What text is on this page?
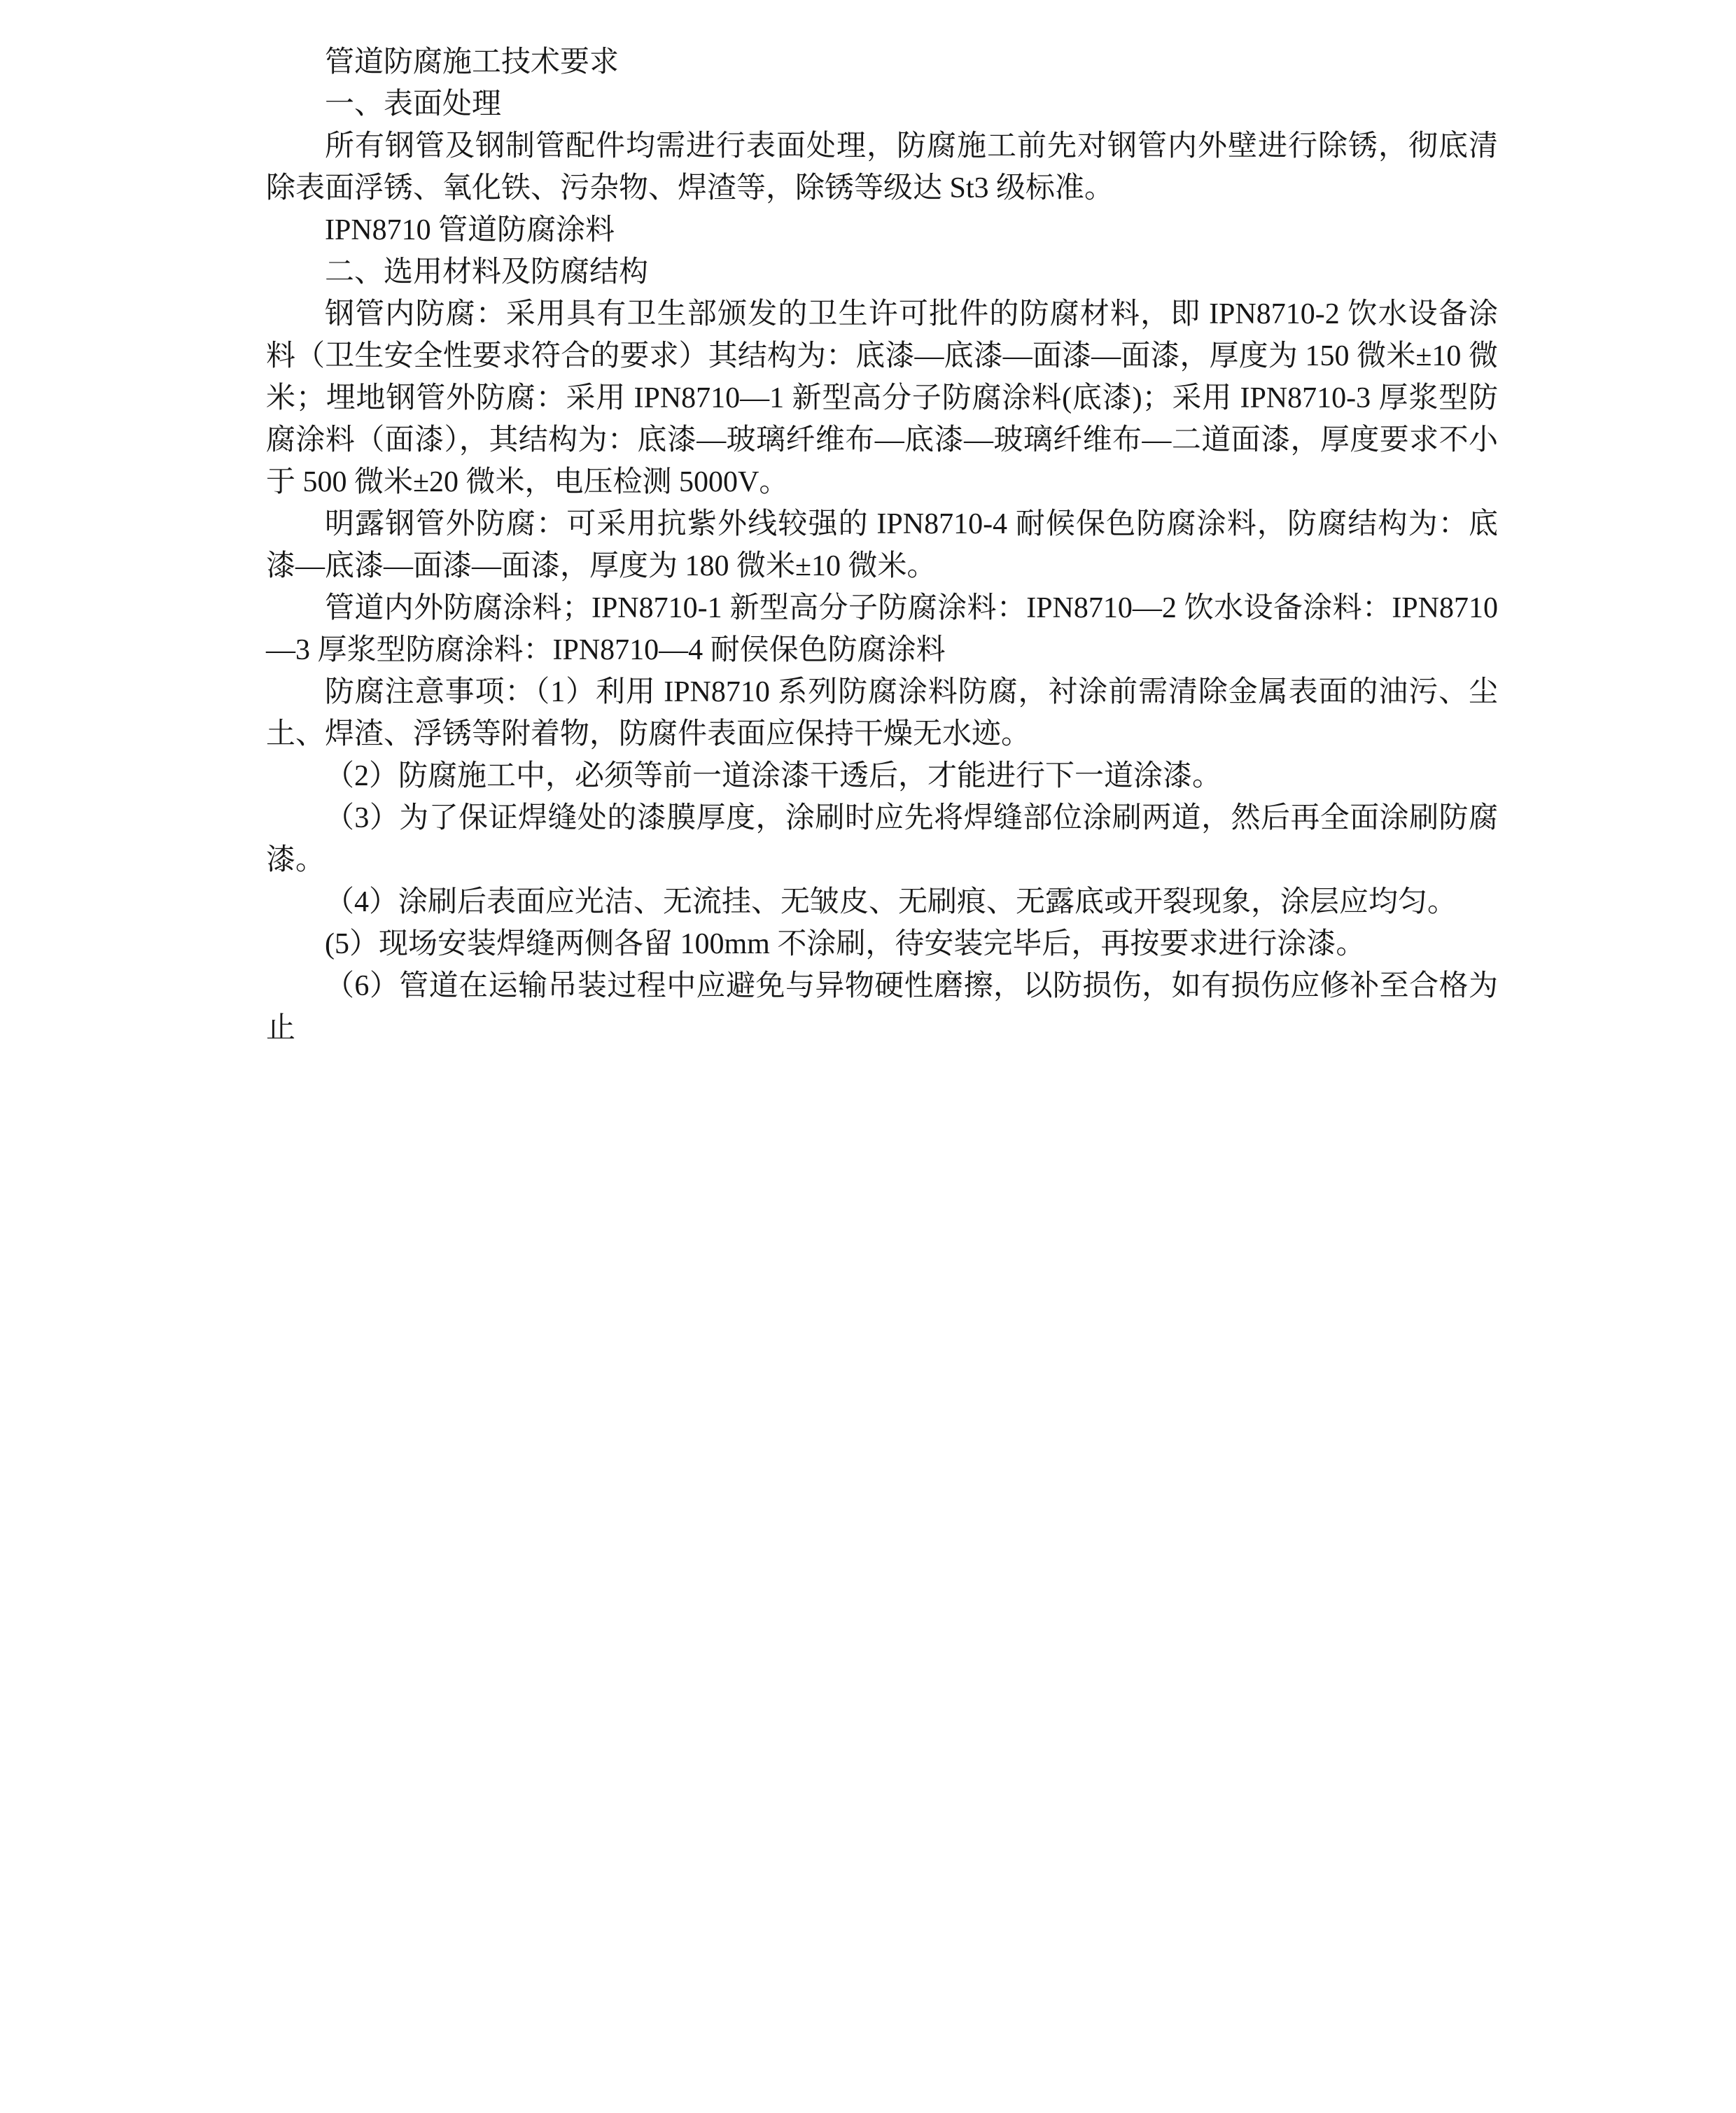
管道防腐施工技术要求

一、表面处理

所有钢管及钢制管配件均需进行表面处理，防腐施工前先对钢管内外壁进行除锈，彻底清除表面浮锈、氧化铁、污杂物、焊渣等，除锈等级达 St3 级标准。

IPN8710 管道防腐涂料

二、选用材料及防腐结构

钢管内防腐：采用具有卫生部颁发的卫生许可批件的防腐材料，即 IPN8710-2 饮水设备涂料（卫生安全性要求符合的要求）其结构为：底漆—底漆—面漆—面漆，厚度为 150 微米±10 微米；埋地钢管外防腐：采用 IPN8710—1 新型高分子防腐涂料(底漆)；采用 IPN8710-3 厚浆型防腐涂料（面漆），其结构为：底漆—玻璃纤维布—底漆—玻璃纤维布—二道面漆，厚度要求不小于 500 微米±20 微米，电压检测 5000V。

明露钢管外防腐：可采用抗紫外线较强的 IPN8710-4 耐候保色防腐涂料，防腐结构为：底漆—底漆—面漆—面漆，厚度为 180 微米±10 微米。

管道内外防腐涂料；IPN8710-1 新型高分子防腐涂料：IPN8710—2 饮水设备涂料：IPN8710—3 厚浆型防腐涂料：IPN8710—4 耐侯保色防腐涂料

防腐注意事项：（1）利用 IPN8710 系列防腐涂料防腐，衬涂前需清除金属表面的油污、尘土、焊渣、浮锈等附着物，防腐件表面应保持干燥无水迹。

（2）防腐施工中，必须等前一道涂漆干透后，才能进行下一道涂漆。

（3）为了保证焊缝处的漆膜厚度，涂刷时应先将焊缝部位涂刷两道，然后再全面涂刷防腐漆。

（4）涂刷后表面应光洁、无流挂、无皱皮、无刷痕、无露底或开裂现象，涂层应均匀。

(5）现场安装焊缝两侧各留 100mm 不涂刷，待安装完毕后，再按要求进行涂漆。

（6）管道在运输吊装过程中应避免与异物硬性磨擦，以防损伤，如有损伤应修补至合格为止
